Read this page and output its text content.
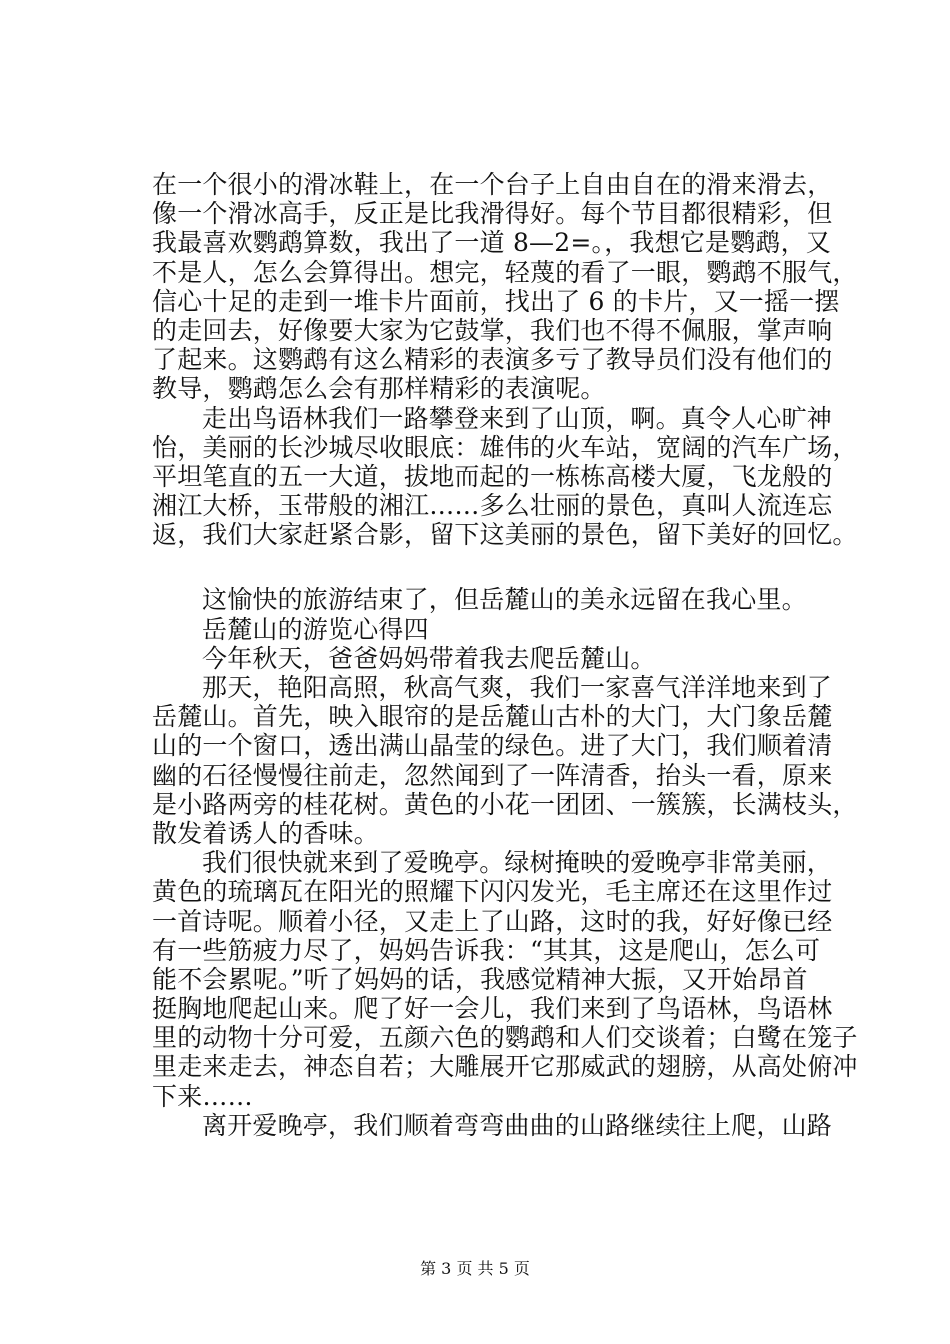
在一个很小的滑冰鞋上，在一个台子上自由自在的滑来滑去，
像一个滑冰高手，反正是比我滑得好。每个节目都很精彩，但
我最喜欢鹦鹉算数，我出了一道 8—2=。，我想它是鹦鹉，又
不是人，怎么会算得出。想完，轻蔑的看了一眼，鹦鹉不服气，
信心十足的走到一堆卡片面前，找出了 6 的卡片，又一摇一摆
的走回去，好像要大家为它鼓掌，我们也不得不佩服，掌声响
了起来。这鹦鹉有这么精彩的表演多亏了教导员们没有他们的
教导，鹦鹉怎么会有那样精彩的表演呢。
走出鸟语林我们一路攀登来到了山顶，啊。真令人心旷神
怡，美丽的长沙城尽收眼底：雄伟的火车站，宽阔的汽车广场，
平坦笔直的五一大道，拔地而起的一栋栋高楼大厦，飞龙般的
湘江大桥，玉带般的湘江……多么壮丽的景色，真叫人流连忘
返，我们大家赶紧合影，留下这美丽的景色，留下美好的回忆。
这愉快的旅游结束了，但岳麓山的美永远留在我心里。
岳麓山的游览心得四
今年秋天，爸爸妈妈带着我去爬岳麓山。
那天，艳阳高照，秋高气爽，我们一家喜气洋洋地来到了
岳麓山。首先，映入眼帘的是岳麓山古朴的大门，大门象岳麓
山的一个窗口，透出满山晶莹的绿色。进了大门，我们顺着清
幽的石径慢慢往前走，忽然闻到了一阵清香，抬头一看，原来
是小路两旁的桂花树。黄色的小花一团团、一簇簇，长满枝头，
散发着诱人的香味。
我们很快就来到了爱晚亭。绿树掩映的爱晚亭非常美丽，
黄色的琉璃瓦在阳光的照耀下闪闪发光，毛主席还在这里作过
一首诗呢。顺着小径，又走上了山路，这时的我，好好像已经
有一些筋疲力尽了，妈妈告诉我：“其其，这是爬山，怎么可
能不会累呢。”听了妈妈的话，我感觉精神大振，又开始昂首
挺胸地爬起山来。爬了好一会儿，我们来到了鸟语林，鸟语林
里的动物十分可爱，五颜六色的鹦鹉和人们交谈着；白鹭在笼子
里走来走去，神态自若；大雕展开它那威武的翅膀，从高处俯冲
下来……
离开爱晚亭，我们顺着弯弯曲曲的山路继续往上爬，山路
第 3 页 共 5 页
